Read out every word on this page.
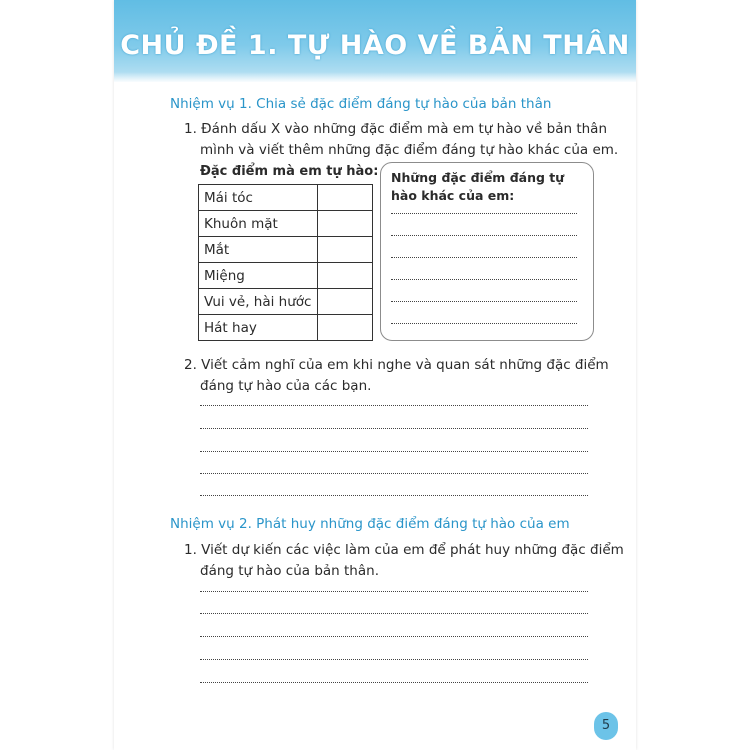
CHỦ ĐỀ 1. TỰ HÀO VỀ BẢN THÂN
Nhiệm vụ 1. Chia sẻ đặc điểm đáng tự hào của bản thân
1. Đánh dấu X vào những đặc điểm mà em tự hào về bản thân
mình và viết thêm những đặc điểm đáng tự hào khác của em.
Đặc điểm mà em tự hào:
Mái tóc	
Khuôn mặt	
Mắt	
Miệng	
Vui vẻ, hài hước	
Hát hay	
Những đặc điểm đáng tự hào khác của em:
2. Viết cảm nghĩ của em khi nghe và quan sát những đặc điểm
đáng tự hào của các bạn.
Nhiệm vụ 2. Phát huy những đặc điểm đáng tự hào của em
1. Viết dự kiến các việc làm của em để phát huy những đặc điểm
đáng tự hào của bản thân.
5
